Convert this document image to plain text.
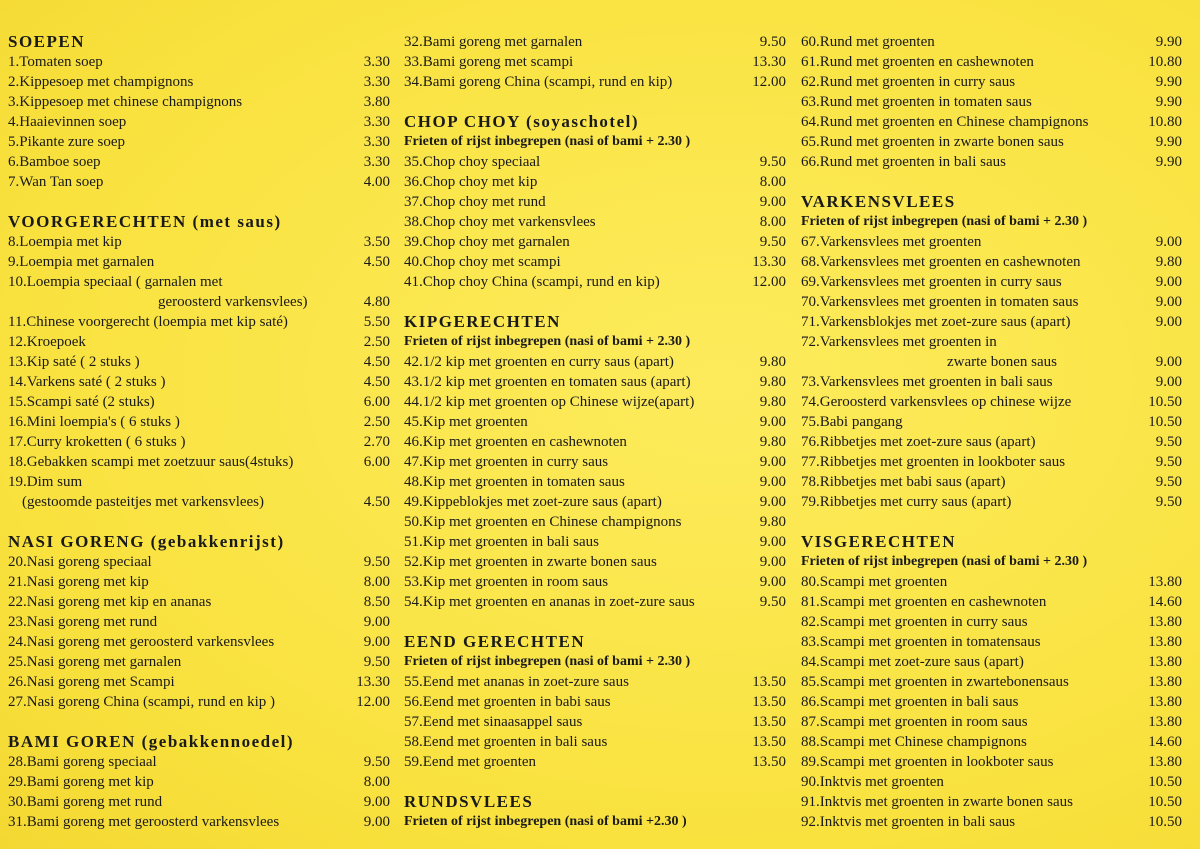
SOEPEN
1.Tomaten soep	3.30
2.Kippesoep met champignons	3.30
3.Kippesoep met chinese champignons	3.80
4.Haaievinnen soep	3.30
5.Pikante zure soep	3.30
6.Bamboe soep	3.30
7.Wan Tan soep	4.00
VOORGERECHTEN (met saus)
8.Loempia met kip	3.50
9.Loempia met garnalen	4.50
10.Loempia speciaal ( garnalen met
geroosterd varkensvlees)	4.80
11.Chinese voorgerecht (loempia met kip saté)	5.50
12.Kroepoek	2.50
13.Kip saté ( 2 stuks )	4.50
14.Varkens saté ( 2 stuks )	4.50
15.Scampi saté (2 stuks)	6.00
16.Mini loempia's ( 6 stuks )	2.50
17.Curry kroketten ( 6 stuks )	2.70
18.Gebakken scampi met zoetzuur saus(4stuks)	6.00
19.Dim sum
(gestoomde pasteitjes met varkensvlees)	4.50
NASI GORENG (gebakkenrijst)
20.Nasi goreng speciaal	9.50
21.Nasi goreng met kip	8.00
22.Nasi goreng met kip en ananas	8.50
23.Nasi goreng met rund	9.00
24.Nasi goreng met geroosterd varkensvlees	9.00
25.Nasi goreng met garnalen	9.50
26.Nasi goreng met Scampi	13.30
27.Nasi goreng China (scampi, rund en kip )	12.00
BAMI GOREN (gebakkennoedel)
28.Bami goreng speciaal	9.50
29.Bami goreng met kip	8.00
30.Bami goreng met rund	9.00
31.Bami goreng met geroosterd varkensvlees	9.00
32.Bami goreng met garnalen	9.50
33.Bami goreng met scampi	13.30
34.Bami goreng China (scampi, rund en kip)	12.00
CHOP CHOY (soyaschotel)
Frieten of rijst inbegrepen (nasi of bami + 2.30 )
35.Chop choy speciaal	9.50
36.Chop choy met kip	8.00
37.Chop choy met rund	9.00
38.Chop choy met varkensvlees	8.00
39.Chop choy met garnalen	9.50
40.Chop choy met scampi	13.30
41.Chop choy China (scampi, rund en kip)	12.00
KIPGERECHTEN
Frieten of rijst inbegrepen (nasi of bami + 2.30 )
42.1/2 kip met groenten en curry saus (apart)	9.80
43.1/2 kip met groenten en tomaten saus (apart)	9.80
44.1/2 kip met groenten op Chinese wijze(apart)	9.80
45.Kip met groenten	9.00
46.Kip met groenten en cashewnoten	9.80
47.Kip met groenten in curry saus	9.00
48.Kip met groenten in tomaten saus	9.00
49.Kippeblokjes met zoet-zure saus (apart)	9.00
50.Kip met groenten en Chinese champignons	9.80
51.Kip met groenten in bali saus	9.00
52.Kip met groenten in zwarte bonen saus	9.00
53.Kip met groenten in room saus	9.00
54.Kip met groenten en ananas in zoet-zure saus	9.50
EEND GERECHTEN
Frieten of rijst inbegrepen (nasi of bami + 2.30 )
55.Eend met ananas in zoet-zure saus	13.50
56.Eend met groenten in babi saus	13.50
57.Eend met sinaasappel saus	13.50
58.Eend met groenten in bali saus	13.50
59.Eend met groenten	13.50
RUNDSVLEES
Frieten of rijst inbegrepen (nasi of bami +2.30 )
60.Rund met groenten	9.90
61.Rund met groenten en cashewnoten	10.80
62.Rund met groenten in curry saus	9.90
63.Rund met groenten in tomaten saus	9.90
64.Rund met groenten en Chinese champignons	10.80
65.Rund met groenten in zwarte bonen saus	9.90
66.Rund met groenten in bali saus	9.90
VARKENSVLEES
Frieten of rijst inbegrepen (nasi of bami + 2.30 )
67.Varkensvlees met groenten	9.00
68.Varkensvlees met groenten en cashewnoten	9.80
69.Varkensvlees met groenten in curry saus	9.00
70.Varkensvlees met groenten in tomaten saus	9.00
71.Varkensblokjes met zoet-zure saus (apart)	9.00
72.Varkensvlees met groenten in
zwarte bonen saus	9.00
73.Varkensvlees met groenten in bali saus	9.00
74.Geroosterd varkensvlees op chinese wijze	10.50
75.Babi pangang	10.50
76.Ribbetjes met zoet-zure saus (apart)	9.50
77.Ribbetjes met groenten in lookboter saus	9.50
78.Ribbetjes met babi saus (apart)	9.50
79.Ribbetjes met curry saus (apart)	9.50
VISGERECHTEN
Frieten of rijst inbegrepen (nasi of bami + 2.30 )
80.Scampi met groenten	13.80
81.Scampi met groenten en cashewnoten	14.60
82.Scampi met groenten in curry saus	13.80
83.Scampi met groenten in tomatensaus	13.80
84.Scampi met zoet-zure saus (apart)	13.80
85.Scampi met groenten in zwartebonensaus	13.80
86.Scampi met groenten in bali saus	13.80
87.Scampi met groenten in room saus	13.80
88.Scampi met Chinese champignons	14.60
89.Scampi met groenten in lookboter saus	13.80
90.Inktvis met groenten	10.50
91.Inktvis met groenten in zwarte bonen saus	10.50
92.Inktvis met groenten in bali saus	10.50
